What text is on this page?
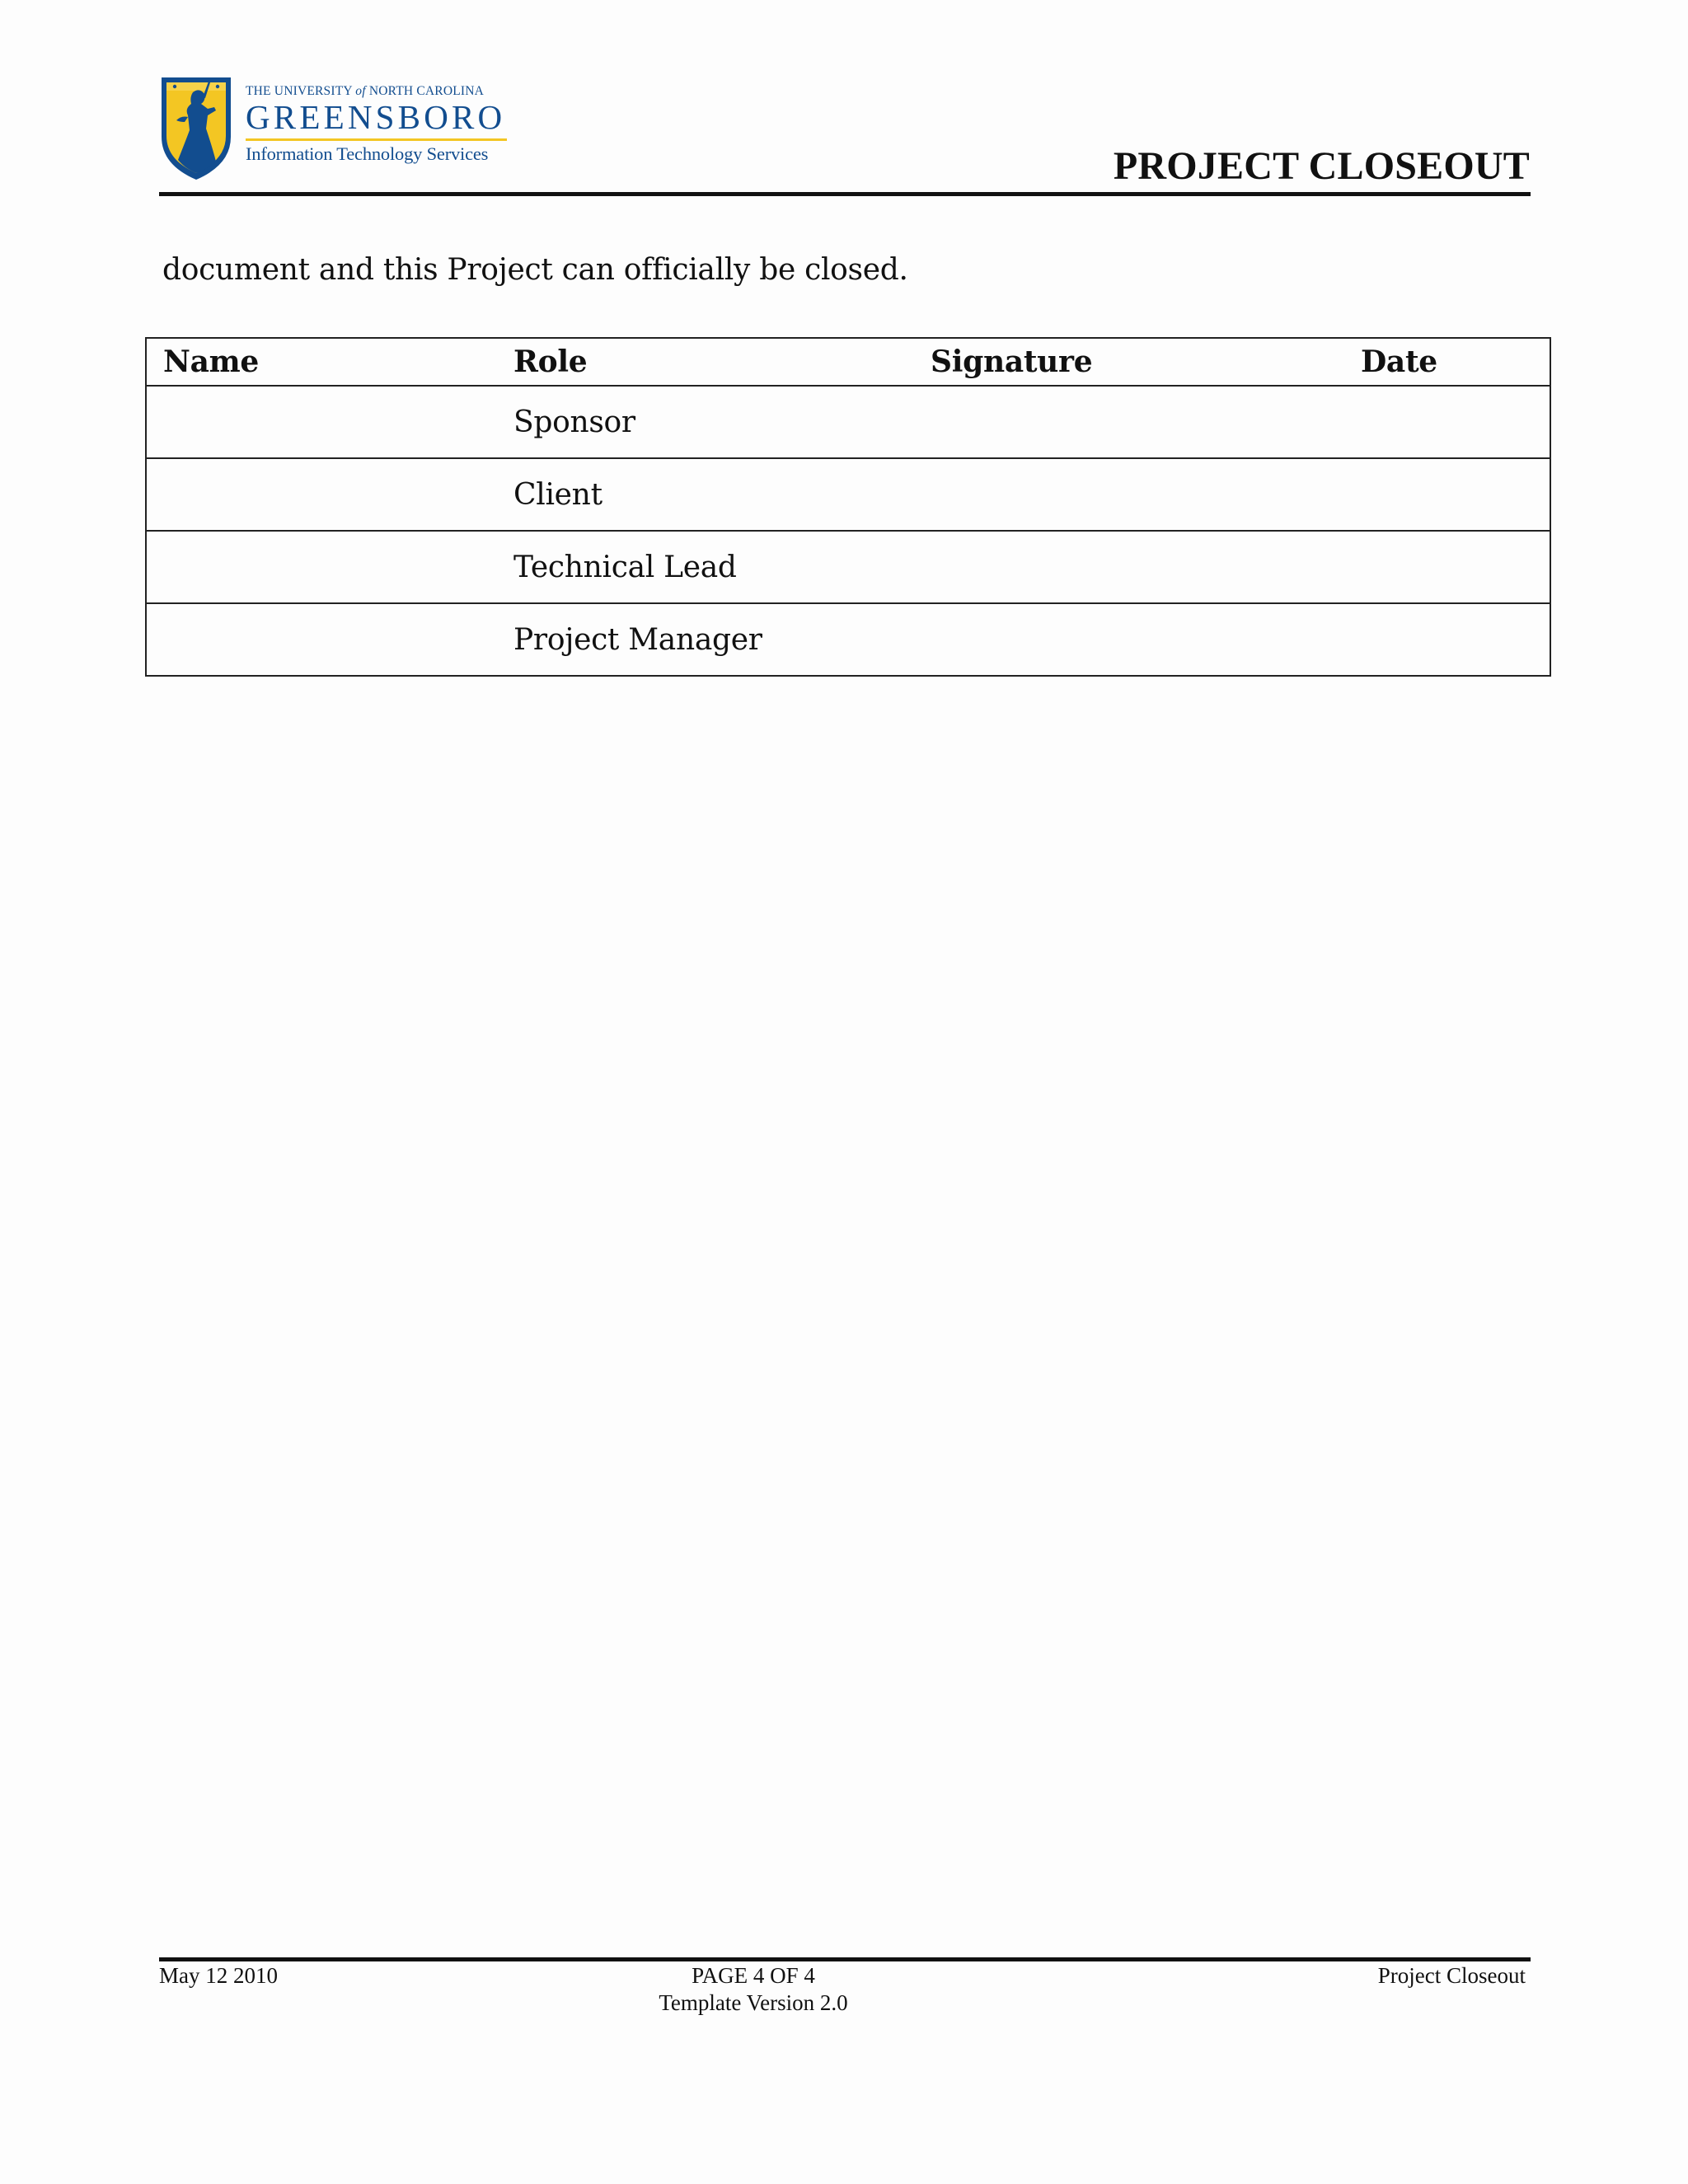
THE UNIVERSITY of NORTH CAROLINA
GREENSBORO
Information Technology Services	PROJECT CLOSEOUT
document and this Project can officially be closed.
Name	Role	Signature	Date
	Sponsor		
	Client		
	Technical Lead		
	Project Manager		
May 12 2010	PAGE 4 OF 4
Template Version 2.0
Project Closeout
